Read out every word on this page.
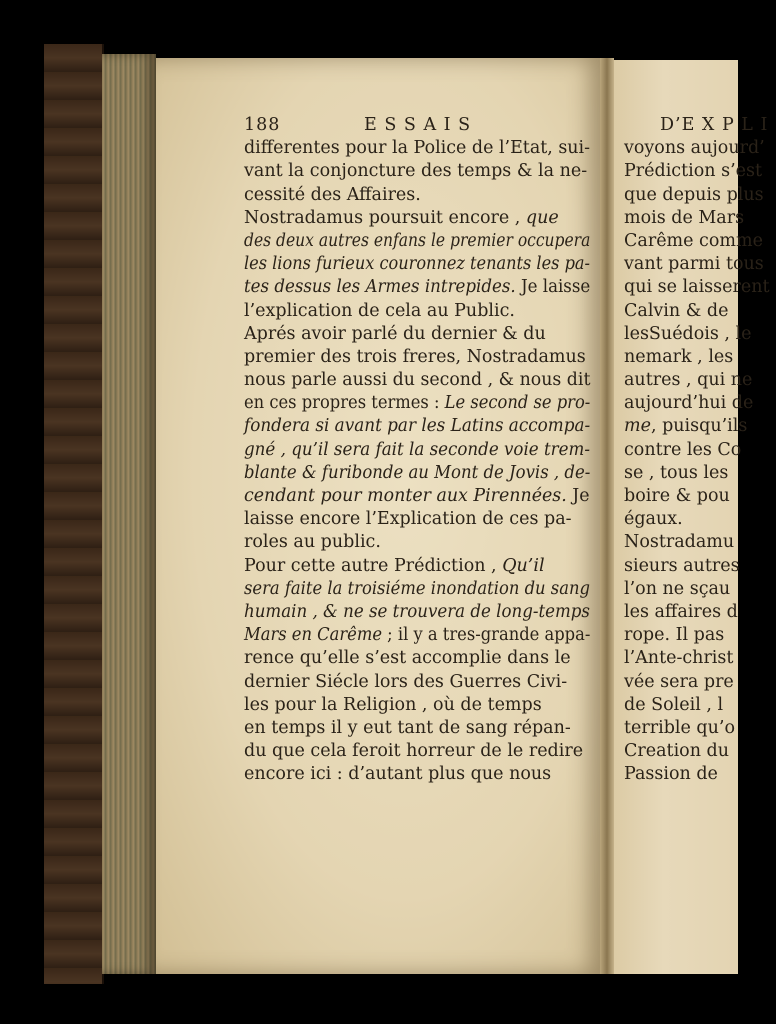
188	E S S A I S
differentes pour la Police de l’Etat, sui-
vant la conjoncture des temps & la ne-
cessité des Affaires.
Nostradamus poursuit encore , que
des deux autres enfans le premier occupera
les lions furieux couronnez tenants les pa-
tes dessus les Armes intrepides. Je laisse
l’explication de cela au Public.
Aprés avoir parlé du dernier & du
premier des trois freres, Nostradamus
nous parle aussi du second , & nous dit
en ces propres termes : Le second se pro-
fondera si avant par les Latins accompa-
gné , qu’il sera fait la seconde voie trem-
blante & furibonde au Mont de Jovis , de-
cendant pour monter aux Pirennées. Je
laisse encore l’Explication de ces pa-
roles au public.
Pour cette autre Prédiction , Qu’il
sera faite la troisiéme inondation du sang
humain , & ne se trouvera de long-temps
Mars en Carême ; il y a tres-grande appa-
rence qu’elle s’est accomplie dans le
dernier Siécle lors des Guerres Civi-
les pour la Religion , où de temps
en temps il y eut tant de sang répan-
du que cela feroit horreur de le redire
encore ici : d’autant plus que nous
D’E X P L I
voyons aujourd’
Prédiction s’est
que depuis plus
mois de Mars
Carême comme
vant parmi tous
qui se laisserent
Calvin & de
lesSuédois , le
nemark , les
autres , qui ne
aujourd’hui de
me, puisqu’ils
contre les Co
se , tous les
boire & pou
égaux.
Nostradamu
sieurs autres
l’on ne sçau
les affaires d
rope. Il pas
l’Ante-christ
vée sera pre
de Soleil , l
terrible qu’o
Creation du
Passion de
